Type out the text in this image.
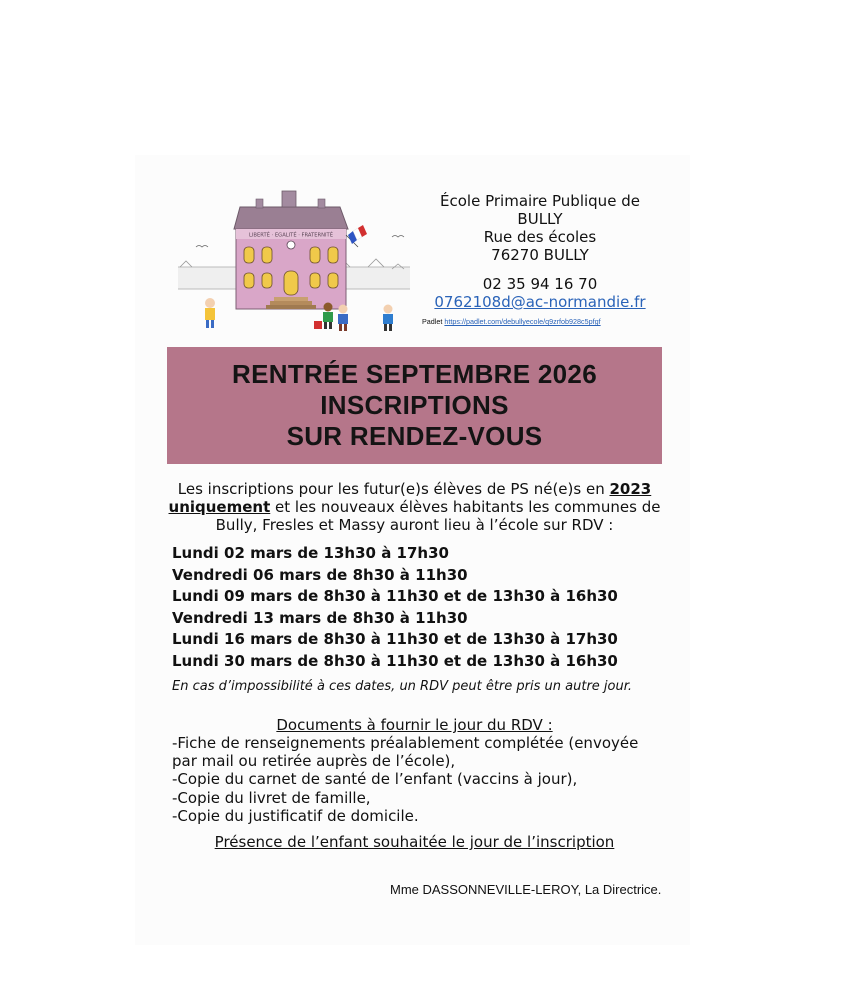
LIBERTÉ · EGALITÉ · FRATERNITÉ
École Primaire Publique de
BULLY
Rue des écoles
76270 BULLY
02 35 94 16 70
0762108d@ac-normandie.fr
Padlet https://padlet.com/debullyecole/q9zrfob928c5pfgf
RENTRÉE SEPTEMBRE 2026
INSCRIPTIONS
SUR RENDEZ-VOUS
Les inscriptions pour les futur(e)s élèves de PS né(e)s en 2023 uniquement et les nouveaux élèves habitants les communes de Bully, Fresles et Massy auront lieu à l’école sur RDV :
Lundi 02 mars de 13h30 à 17h30
Vendredi 06 mars de 8h30 à 11h30
Lundi 09 mars de 8h30 à 11h30 et de 13h30 à 16h30
Vendredi 13 mars de 8h30 à 11h30
Lundi 16 mars de 8h30 à 11h30 et de 13h30 à 17h30
Lundi 30 mars de 8h30 à 11h30 et de 13h30 à 16h30
En cas d’impossibilité à ces dates, un RDV peut être pris un autre jour.
Documents à fournir le jour du RDV :
-Fiche de renseignements préalablement complétée (envoyée par mail ou retirée auprès de l’école),
-Copie du carnet de santé de l’enfant (vaccins à jour),
-Copie du livret de famille,
-Copie du justificatif de domicile.
Présence de l’enfant souhaitée le jour de l’inscription
Mme DASSONNEVILLE-LEROY, La Directrice.
